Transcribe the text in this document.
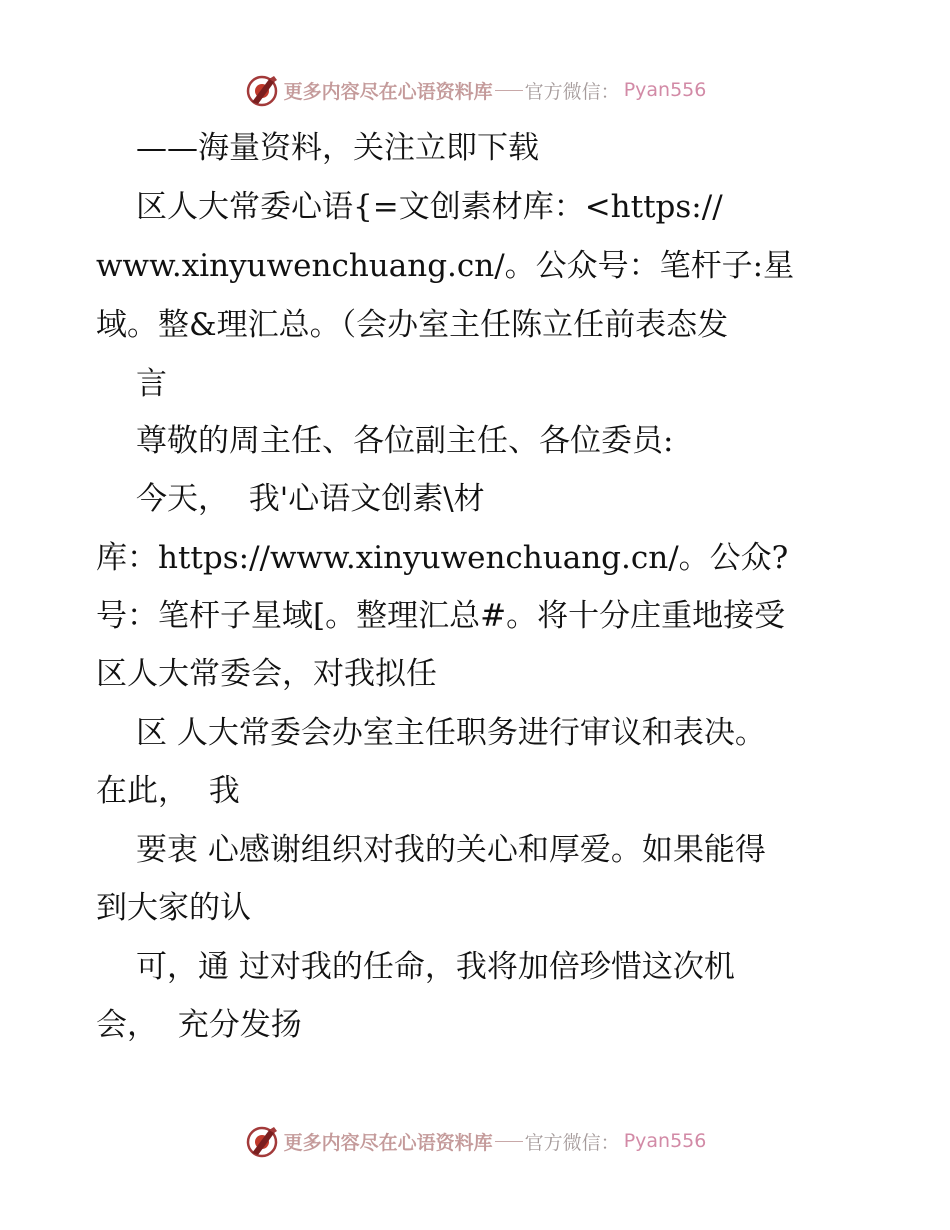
更多内容尽在心语资料库 官方微信： Pyan556
——海量资料，关注立即下载
区人大常委心语{=文创素材库：<https://
www.xinyuwenchuang.cn/。公众号：笔杆子:星
域。整&理汇总。（会办室主任陈立任前表态发
言
尊敬的周主任、各位副主任、各位委员:
今天，  我'心语文创素\材
库：https://www.xinyuwenchuang.cn/。公众?
号：笔杆子星域[。整理汇总#。将十分庄重地接受
区人大常委会，对我拟任
区 人大常委会办室主任职务进行审议和表决。
在此，  我
要衷 心感谢组织对我的关心和厚爱。如果能得
到大家的认
可，通 过对我的任命，我将加倍珍惜这次机
会，  充分发扬
更多内容尽在心语资料库 官方微信： Pyan556
